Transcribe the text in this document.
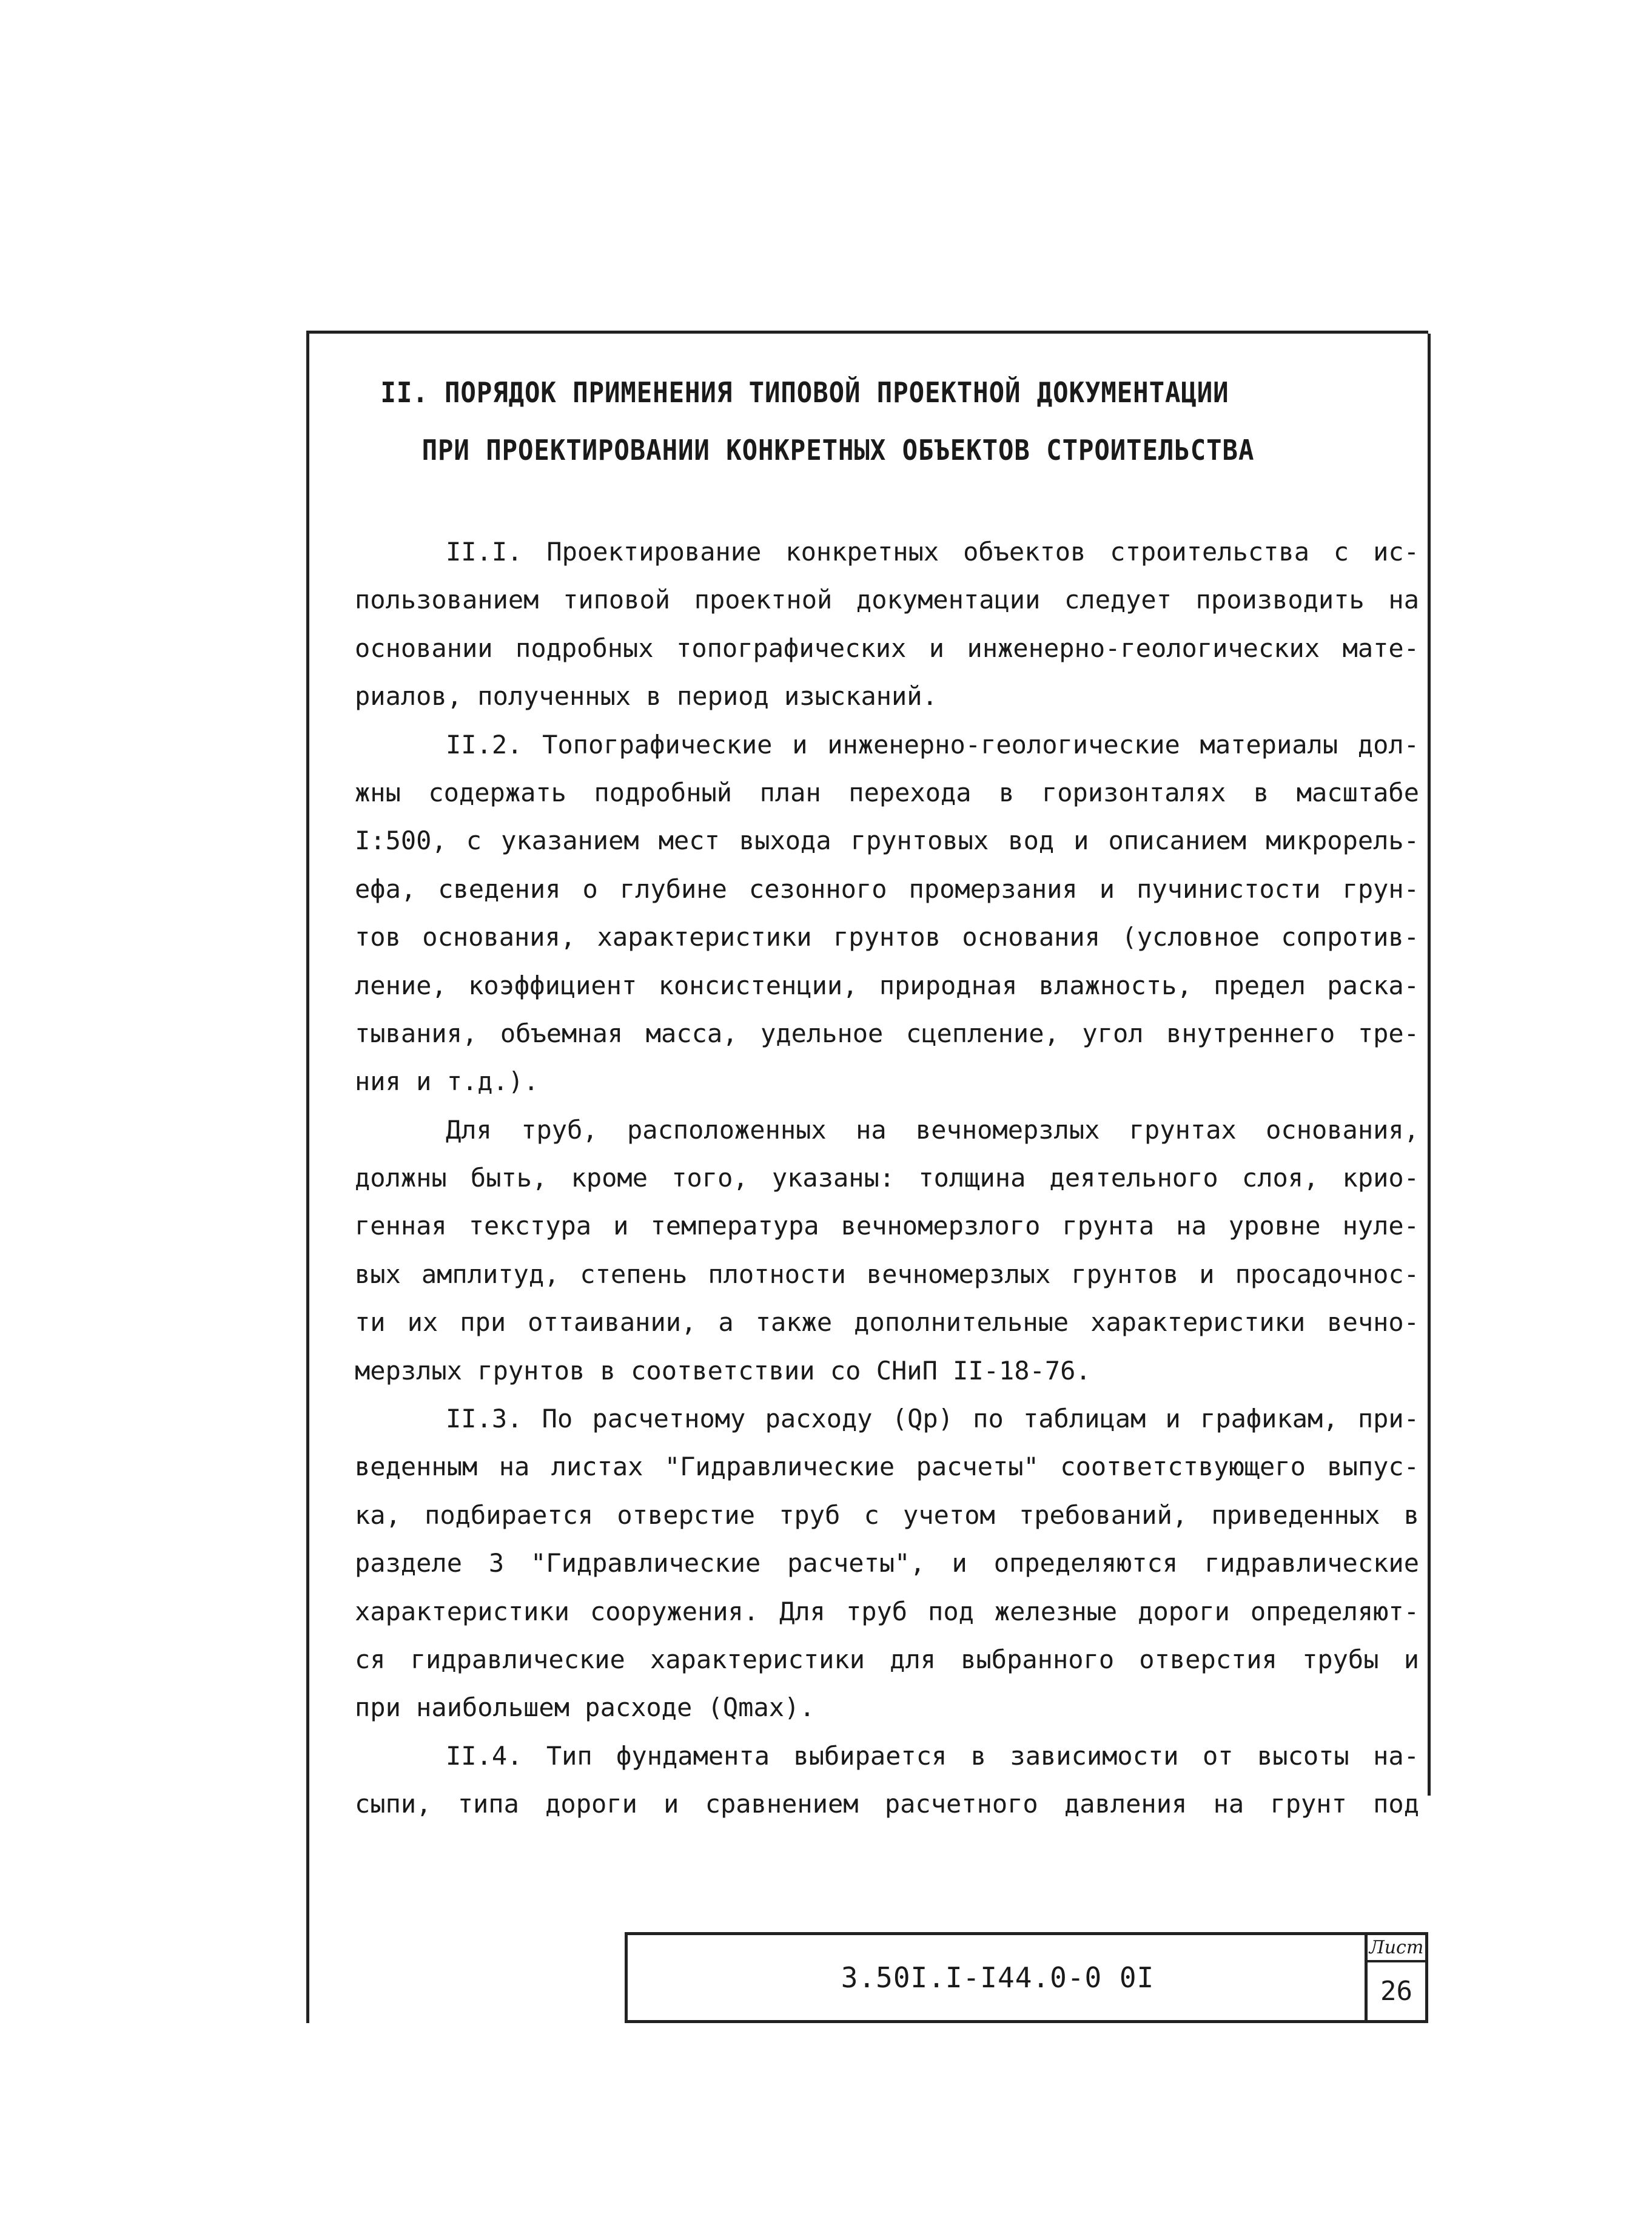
II. ПОРЯДОК ПРИМЕНЕНИЯ ТИПОВОЙ ПРОЕКТНОЙ ДОКУМЕНТАЦИИ
ПРИ ПРОЕКТИРОВАНИИ КОНКРЕТНЫХ ОБЪЕКТОВ СТРОИТЕЛЬСТВА
II.I. Проектирование конкретных объектов строительства с ис-
пользованием типовой проектной документации следует производить на
основании подробных топографических и инженерно-геологических мате-
риалов, полученных в период изысканий.
II.2. Топографические и инженерно-геологические материалы дол-
жны содержать подробный план перехода в горизонталях в масштабе
I:500, с указанием мест выхода грунтовых вод и описанием микрорель-
ефа, сведения о глубине сезонного промерзания и пучинистости грун-
тов основания, характеристики грунтов основания (условное сопротив-
ление, коэффициент консистенции, природная влажность, предел раска-
тывания, объемная масса, удельное сцепление, угол внутреннего тре-
ния и т.д.).
Для труб, расположенных на вечномерзлых грунтах основания,
должны быть, кроме того, указаны: толщина деятельного слоя, крио-
генная текстура и температура вечномерзлого грунта на уровне нуле-
вых амплитуд, степень плотности вечномерзлых грунтов и просадочнос-
ти их при оттаивании, а также дополнительные характеристики вечно-
мерзлых грунтов в соответствии со СНиП II-18-76.
II.3. По расчетному расходу (Qр) по таблицам и графикам, при-
веденным на листах "Гидравлические расчеты" соответствующего выпус-
ка, подбирается отверстие труб с учетом требований, приведенных в
разделе 3 "Гидравлические расчеты", и определяются гидравлические
характеристики сооружения. Для труб под железные дороги определяют-
ся гидравлические характеристики для выбранного отверстия трубы и
при наибольшем расходе (Qmax).
II.4. Тип фундамента выбирается в зависимости от высоты на-
сыпи, типа дороги и сравнением расчетного давления на грунт под
3.50I.I-I44.0-0 0I
Лист
26
